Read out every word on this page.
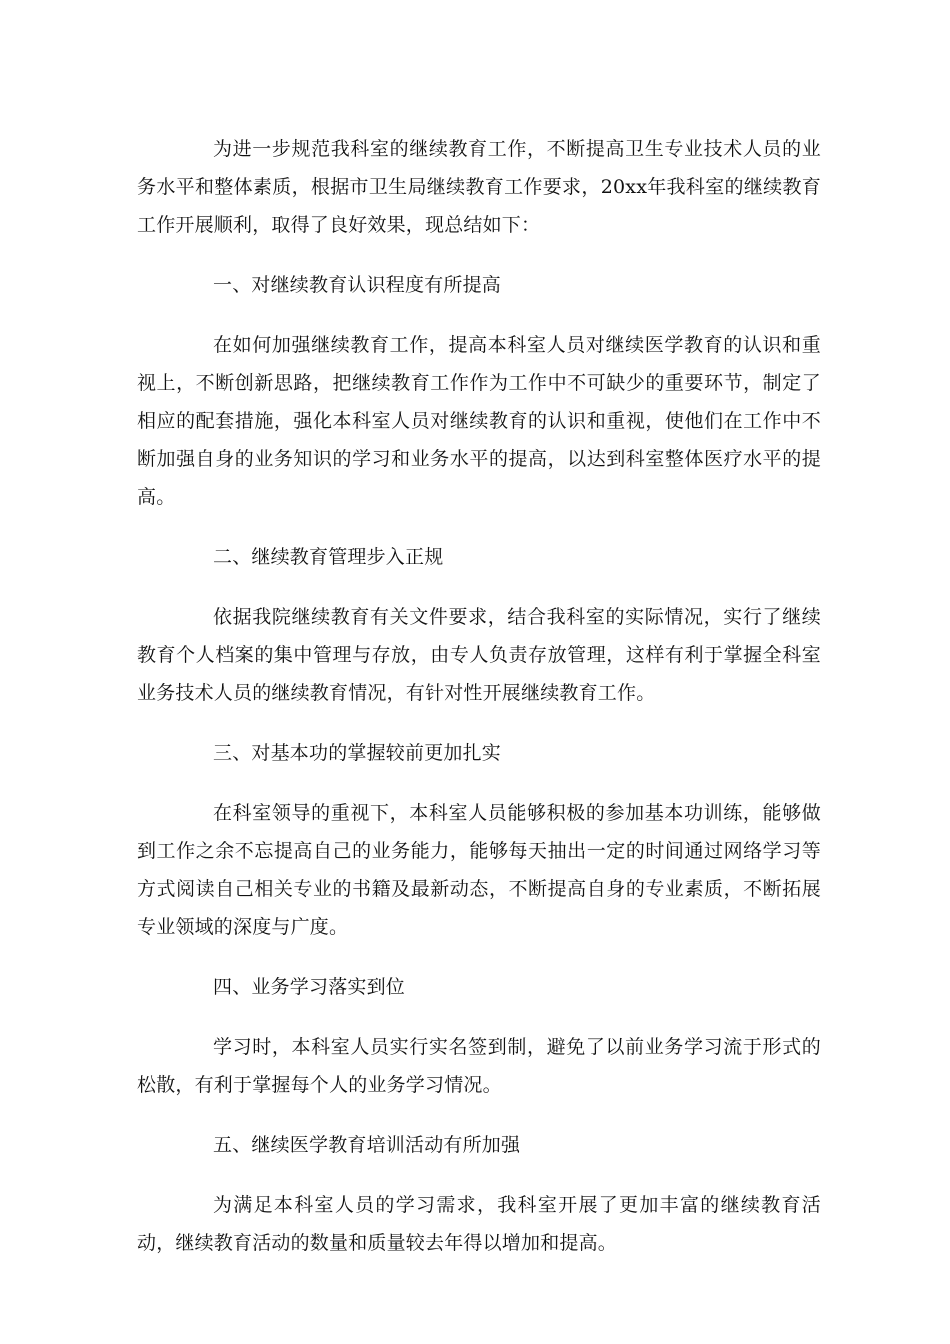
为进一步规范我科室的继续教育工作，不断提高卫生专业技术人员的业务水平和整体素质，根据市卫生局继续教育工作要求，20xx年我科室的继续教育工作开展顺利，取得了良好效果，现总结如下：

一、对继续教育认识程度有所提高

在如何加强继续教育工作，提高本科室人员对继续医学教育的认识和重视上，不断创新思路，把继续教育工作作为工作中不可缺少的重要环节，制定了相应的配套措施，强化本科室人员对继续教育的认识和重视，使他们在工作中不断加强自身的业务知识的学习和业务水平的提高，以达到科室整体医疗水平的提高。

二、继续教育管理步入正规

依据我院继续教育有关文件要求，结合我科室的实际情况，实行了继续教育个人档案的集中管理与存放，由专人负责存放管理，这样有利于掌握全科室业务技术人员的继续教育情况，有针对性开展继续教育工作。

三、对基本功的掌握较前更加扎实

在科室领导的重视下，本科室人员能够积极的参加基本功训练，能够做到工作之余不忘提高自己的业务能力，能够每天抽出一定的时间通过网络学习等方式阅读自己相关专业的书籍及最新动态，不断提高自身的专业素质，不断拓展专业领域的深度与广度。

四、业务学习落实到位

学习时，本科室人员实行实名签到制，避免了以前业务学习流于形式的松散，有利于掌握每个人的业务学习情况。

五、继续医学教育培训活动有所加强

为满足本科室人员的学习需求，我科室开展了更加丰富的继续教育活动，继续教育活动的数量和质量较去年得以增加和提高。
